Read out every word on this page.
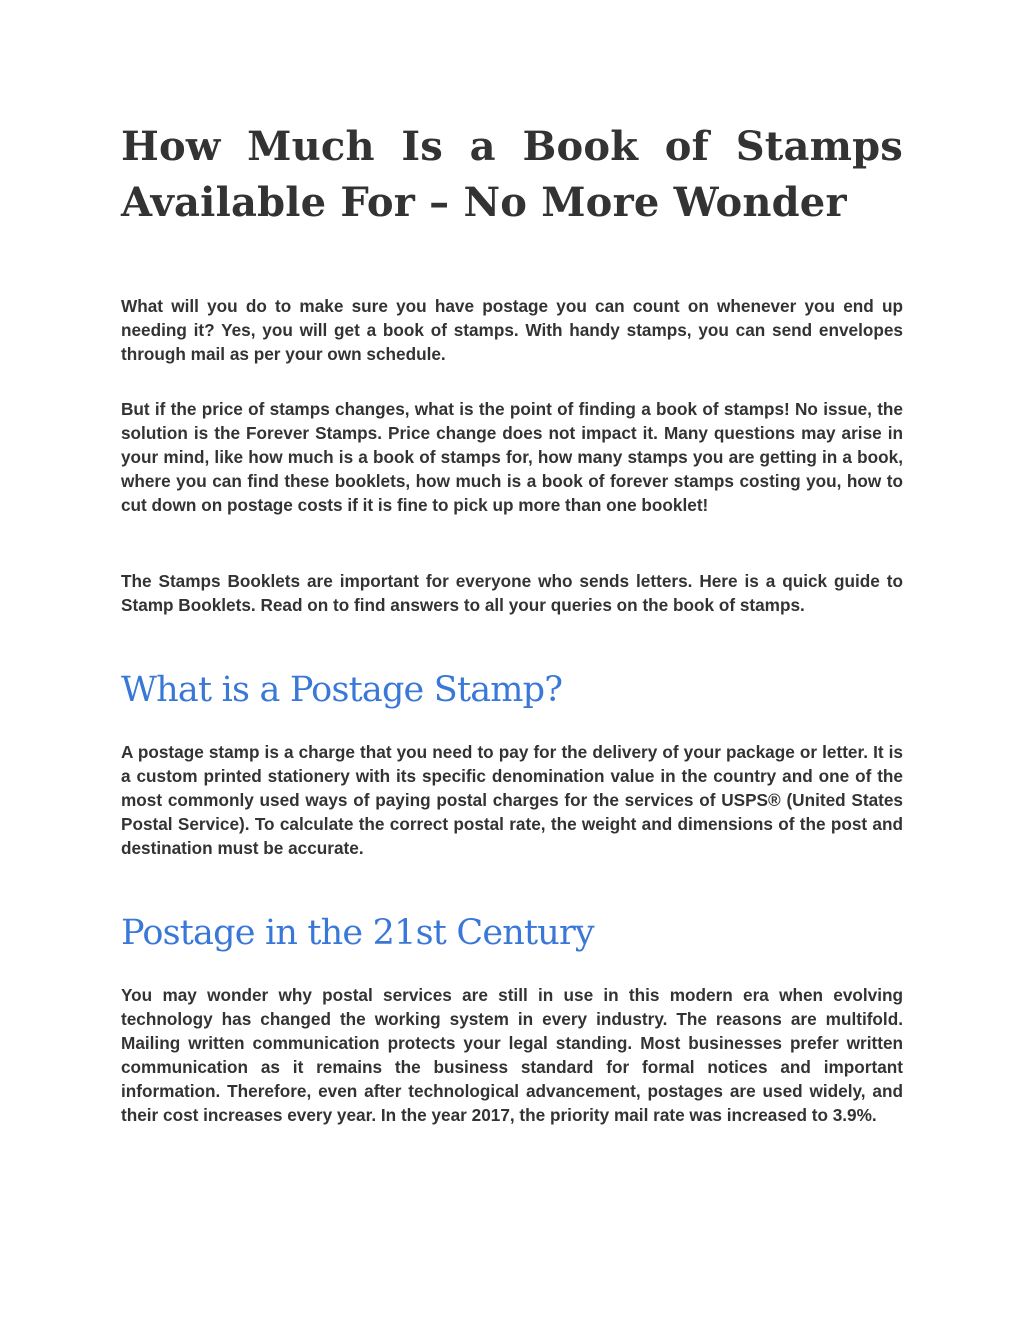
How Much Is a Book of Stamps Available For – No More Wonder

What will you do to make sure you have postage you can count on whenever you end up needing it? Yes, you will get a book of stamps. With handy stamps, you can send envelopes through mail as per your own schedule.

But if the price of stamps changes, what is the point of finding a book of stamps! No issue, the solution is the Forever Stamps. Price change does not impact it. Many questions may arise in your mind, like how much is a book of stamps for, how many stamps you are getting in a book, where you can find these booklets, how much is a book of forever stamps costing you, how to cut down on postage costs if it is fine to pick up more than one booklet!

The Stamps Booklets are important for everyone who sends letters. Here is a quick guide to Stamp Booklets. Read on to find answers to all your queries on the book of stamps.

What is a Postage Stamp?

A postage stamp is a charge that you need to pay for the delivery of your package or letter. It is a custom printed stationery with its specific denomination value in the country and one of the most commonly used ways of paying postal charges for the services of USPS® (United States Postal Service). To calculate the correct postal rate, the weight and dimensions of the post and destination must be accurate.

Postage in the 21st Century

You may wonder why postal services are still in use in this modern era when evolving technology has changed the working system in every industry. The reasons are multifold. Mailing written communication protects your legal standing. Most businesses prefer written communication as it remains the business standard for formal notices and important information. Therefore, even after technological advancement, postages are used widely, and their cost increases every year. In the year 2017, the priority mail rate was increased to 3.9%.
